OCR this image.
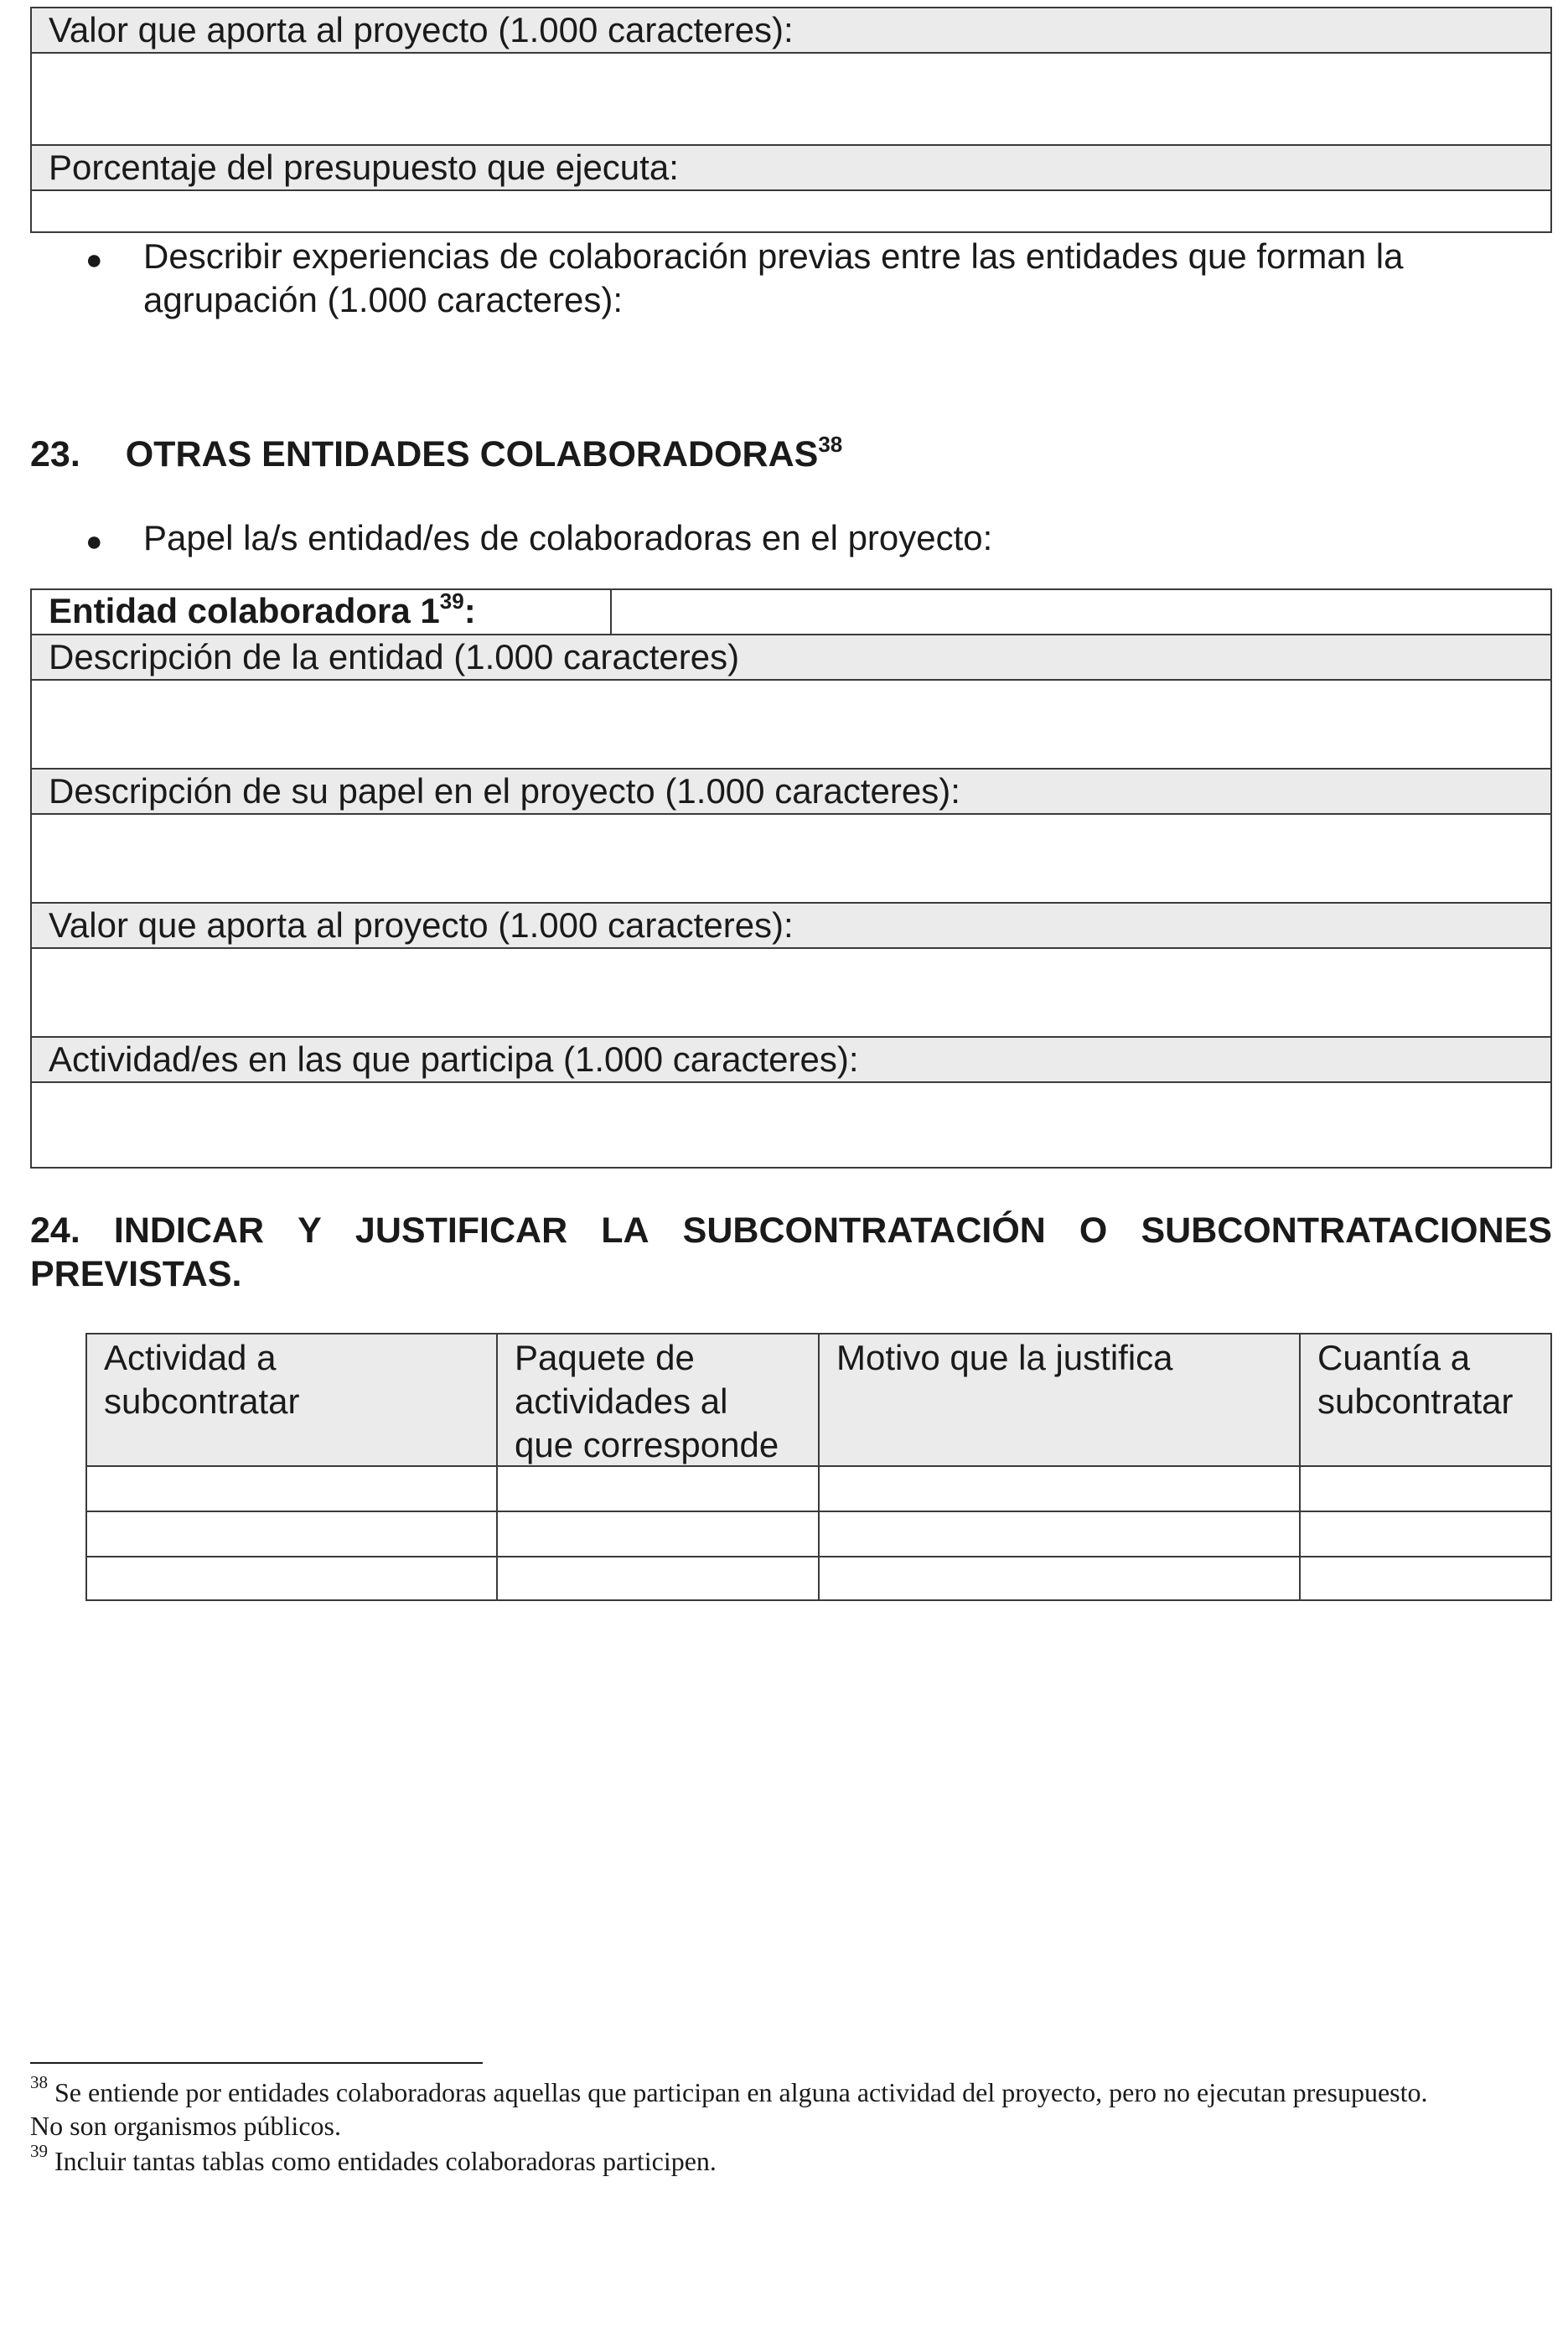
Valor que aporta al proyecto (1.000 caracteres):
Porcentaje del presupuesto que ejecuta:
● Describir experiencias de colaboración previas entre las entidades que forman la
agrupación (1.000 caracteres):
23. OTRAS ENTIDADES COLABORADORAS$^{38}$
● Papel la/s entidad/es de colaboradoras en el proyecto:
Entidad colaboradora $1^{39}$:
Descripción de la entidad (1.000 caracteres)
Descripción de su papel en el proyecto (1.000 caracteres):
Valor que aporta al proyecto (1.000 caracteres):
Actividad/es en las que participa (1.000 caracteres):
24. INDICAR Y JUSTIFICAR LA SUBCONTRATACIÓN O SUBCONTRATACIONES
PREVISTAS.
Actividad a
subcontratar
Paquete de
actividades al
que corresponde
Motivo que la justifica	Cuantía a
subcontratar
$^{38}$ Se entiende por entidades colaboradoras aquellas que participan en alguna actividad del proyecto, pero no ejecutan presupuesto.
No son organismos públicos.
$^{39}$ Incluir tantas tablas como entidades colaboradoras participen.
